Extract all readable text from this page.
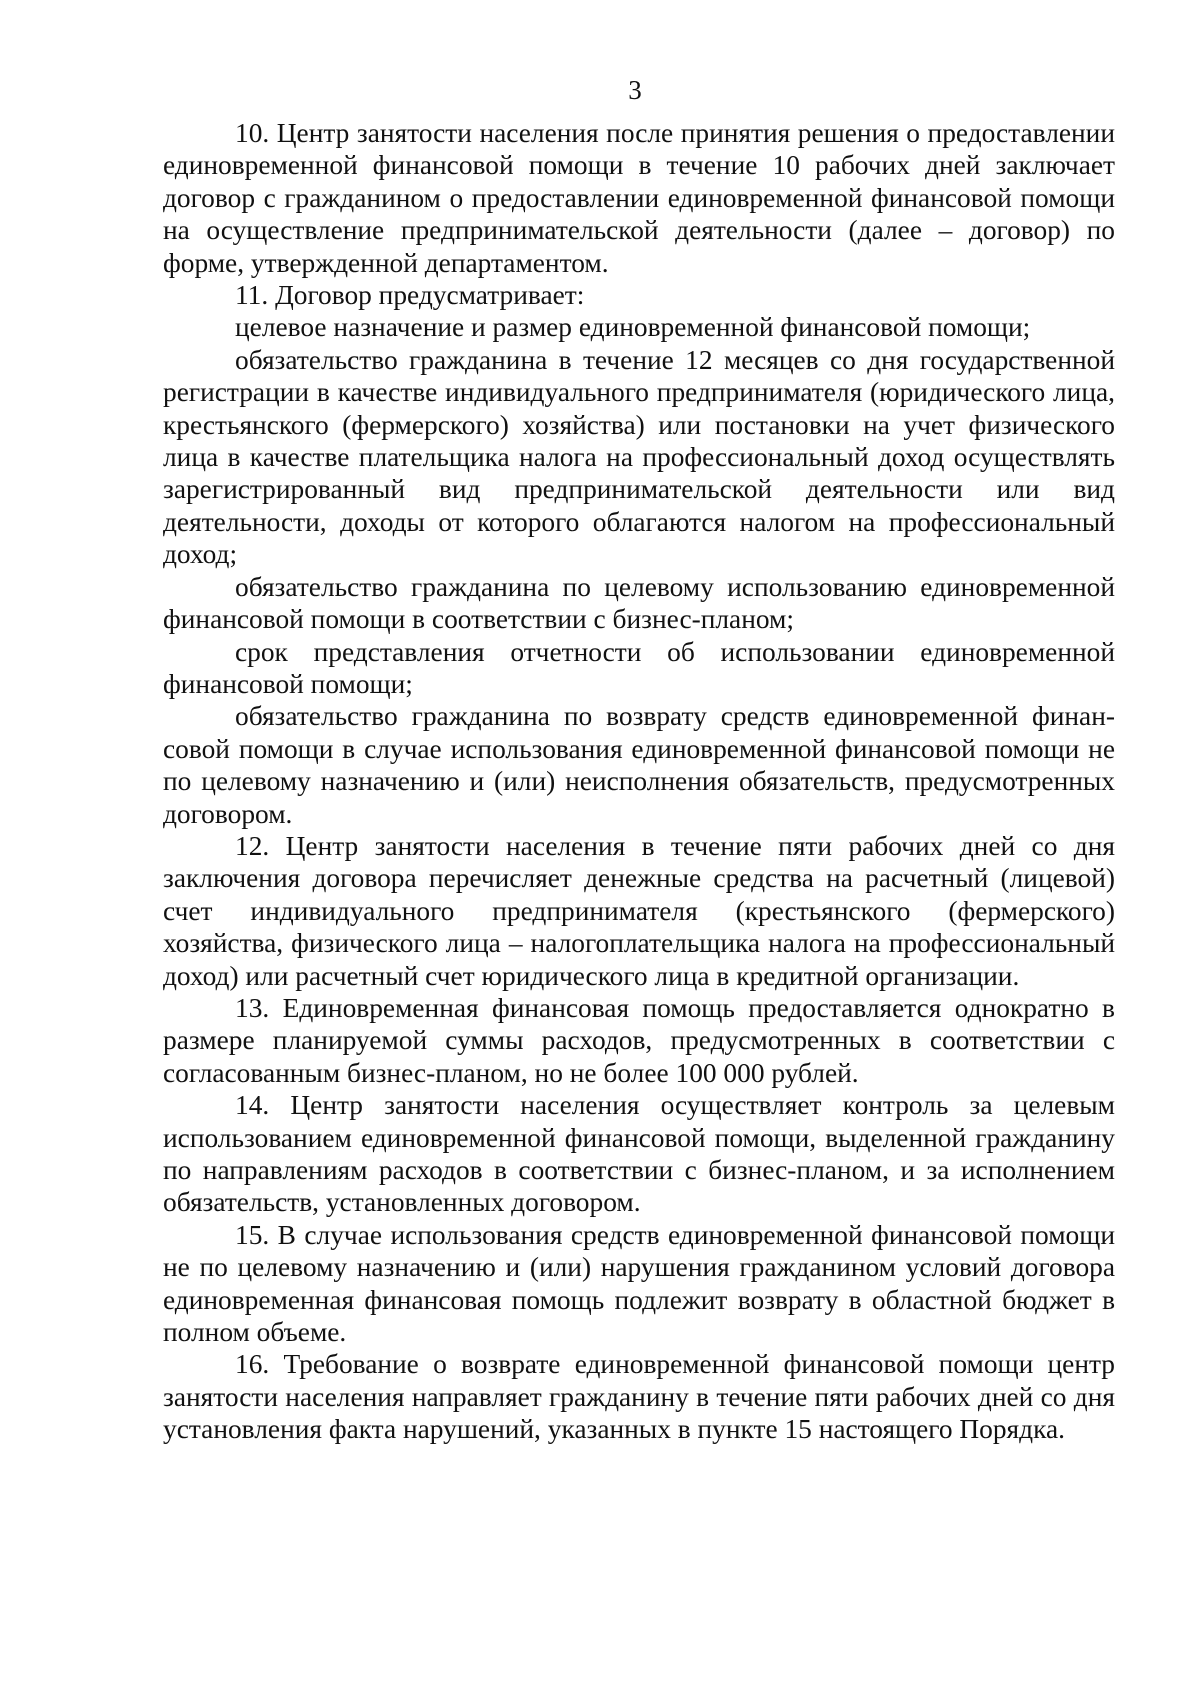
3

10. Центр занятости населения после принятия решения о предоставлении единовременной финансовой помощи в течение 10 рабочих дней заключает договор с гражданином о предоставлении единовременной финансовой помощи на осуществление предпринимательской деятельности (далее – договор) по форме, утвержденной департаментом.

11. Договор предусматривает:

целевое назначение и размер единовременной финансовой помощи;

обязательство гражданина в течение 12 месяцев со дня государственной регистрации в качестве индивидуального предпринимателя (юридического лица, крестьянского (фермерского) хозяйства) или постановки на учет физического лица в качестве плательщика налога на профессиональный доход осуществлять зарегистрированный вид предпринимательской деятельности или вид деятельности, доходы от которого облагаются налогом на профессиональный доход;

обязательство гражданина по целевому использованию единовременной финансовой помощи в соответствии с бизнес-планом;

срок представления отчетности об использовании единовременной финансовой помощи;

обязательство гражданина по возврату средств единовременной финансовой помощи в случае использования единовременной финансовой помощи не по целевому назначению и (или) неисполнения обязательств, предусмотренных договором.

12. Центр занятости населения в течение пяти рабочих дней со дня заключения договора перечисляет денежные средства на расчетный (лицевой) счет индивидуального предпринимателя (крестьянского (фермерского) хозяйства, физического лица – налогоплательщика налога на профессиональный доход) или расчетный счет юридического лица в кредитной организации.

13. Единовременная финансовая помощь предоставляется однократно в размере планируемой суммы расходов, предусмотренных в соответствии с согласованным бизнес-планом, но не более 100 000 рублей.

14. Центр занятости населения осуществляет контроль за целевым использованием единовременной финансовой помощи, выделенной гражданину по направлениям расходов в соответствии с бизнес-планом, и за исполнением обязательств, установленных договором.

15. В случае использования средств единовременной финансовой помощи не по целевому назначению и (или) нарушения гражданином условий договора единовременная финансовая помощь подлежит возврату в областной бюджет в полном объеме.

16. Требование о возврате единовременной финансовой помощи центр занятости населения направляет гражданину в течение пяти рабочих дней со дня установления факта нарушений, указанных в пункте 15 настоящего Порядка.
